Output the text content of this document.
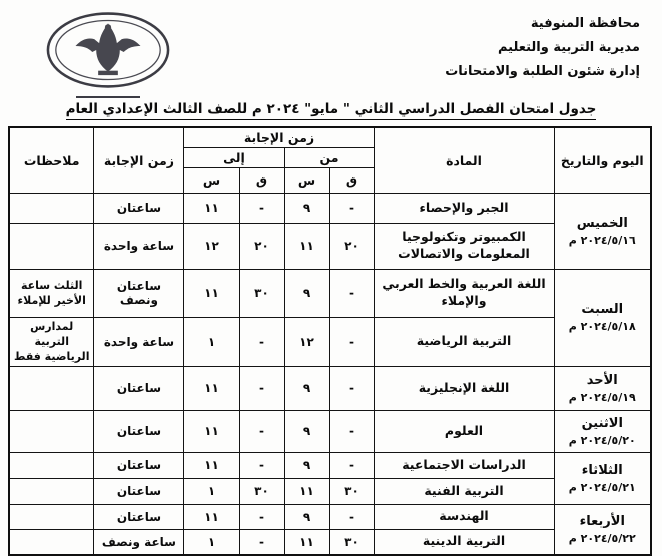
محافظة المنوفية
مديرية التربية والتعليم
إدارة شئون الطلبة والامتحانات
جدول امتحان الفصل الدراسي الثاني " مايو" ٢٠٢٤ م للصف الثالث الإعدادي العام
اليوم والتاريخ	المادة	زمن الإجابة				زمن الإجابة	ملاحظات
		من		إلى			
		ق	س	ق	س		

الخميس
٢٠٢٤/٥/١٦ م	الجبر والإحصاء	-	٩	-	١١	ساعتان	
	الكمبيوتر وتكنولوجيا المعلومات والاتصالات	٢٠	١١	٢٠	١٢	ساعة واحدة	

السبت
٢٠٢٤/٥/١٨ م	اللغة العربية والخط العربي والإملاء	-	٩	٣٠	١١	ساعتان ونصف	الثلث ساعة الأخير للإملاء
	التربية الرياضية	-	١٢	-	١	ساعة واحدة	لمدارس التربية الرياضية فقط

الأحد
٢٠٢٤/٥/١٩ م	اللغة الإنجليزية	-	٩	-	١١	ساعتان	

الاثنين
٢٠٢٤/٥/٢٠ م	العلوم	-	٩	-	١١	ساعتان	

الثلاثاء
٢٠٢٤/٥/٢١ م	الدراسات الاجتماعية	-	٩	-	١١	ساعتان	
	التربية الفنية	٣٠	١١	٣٠	١	ساعتان	

الأربعاء
٢٠٢٤/٥/٢٢ م	الهندسة	-	٩	-	١١	ساعتان	
	التربية الدينية	٣٠	١١	-	١	ساعة ونصف	
